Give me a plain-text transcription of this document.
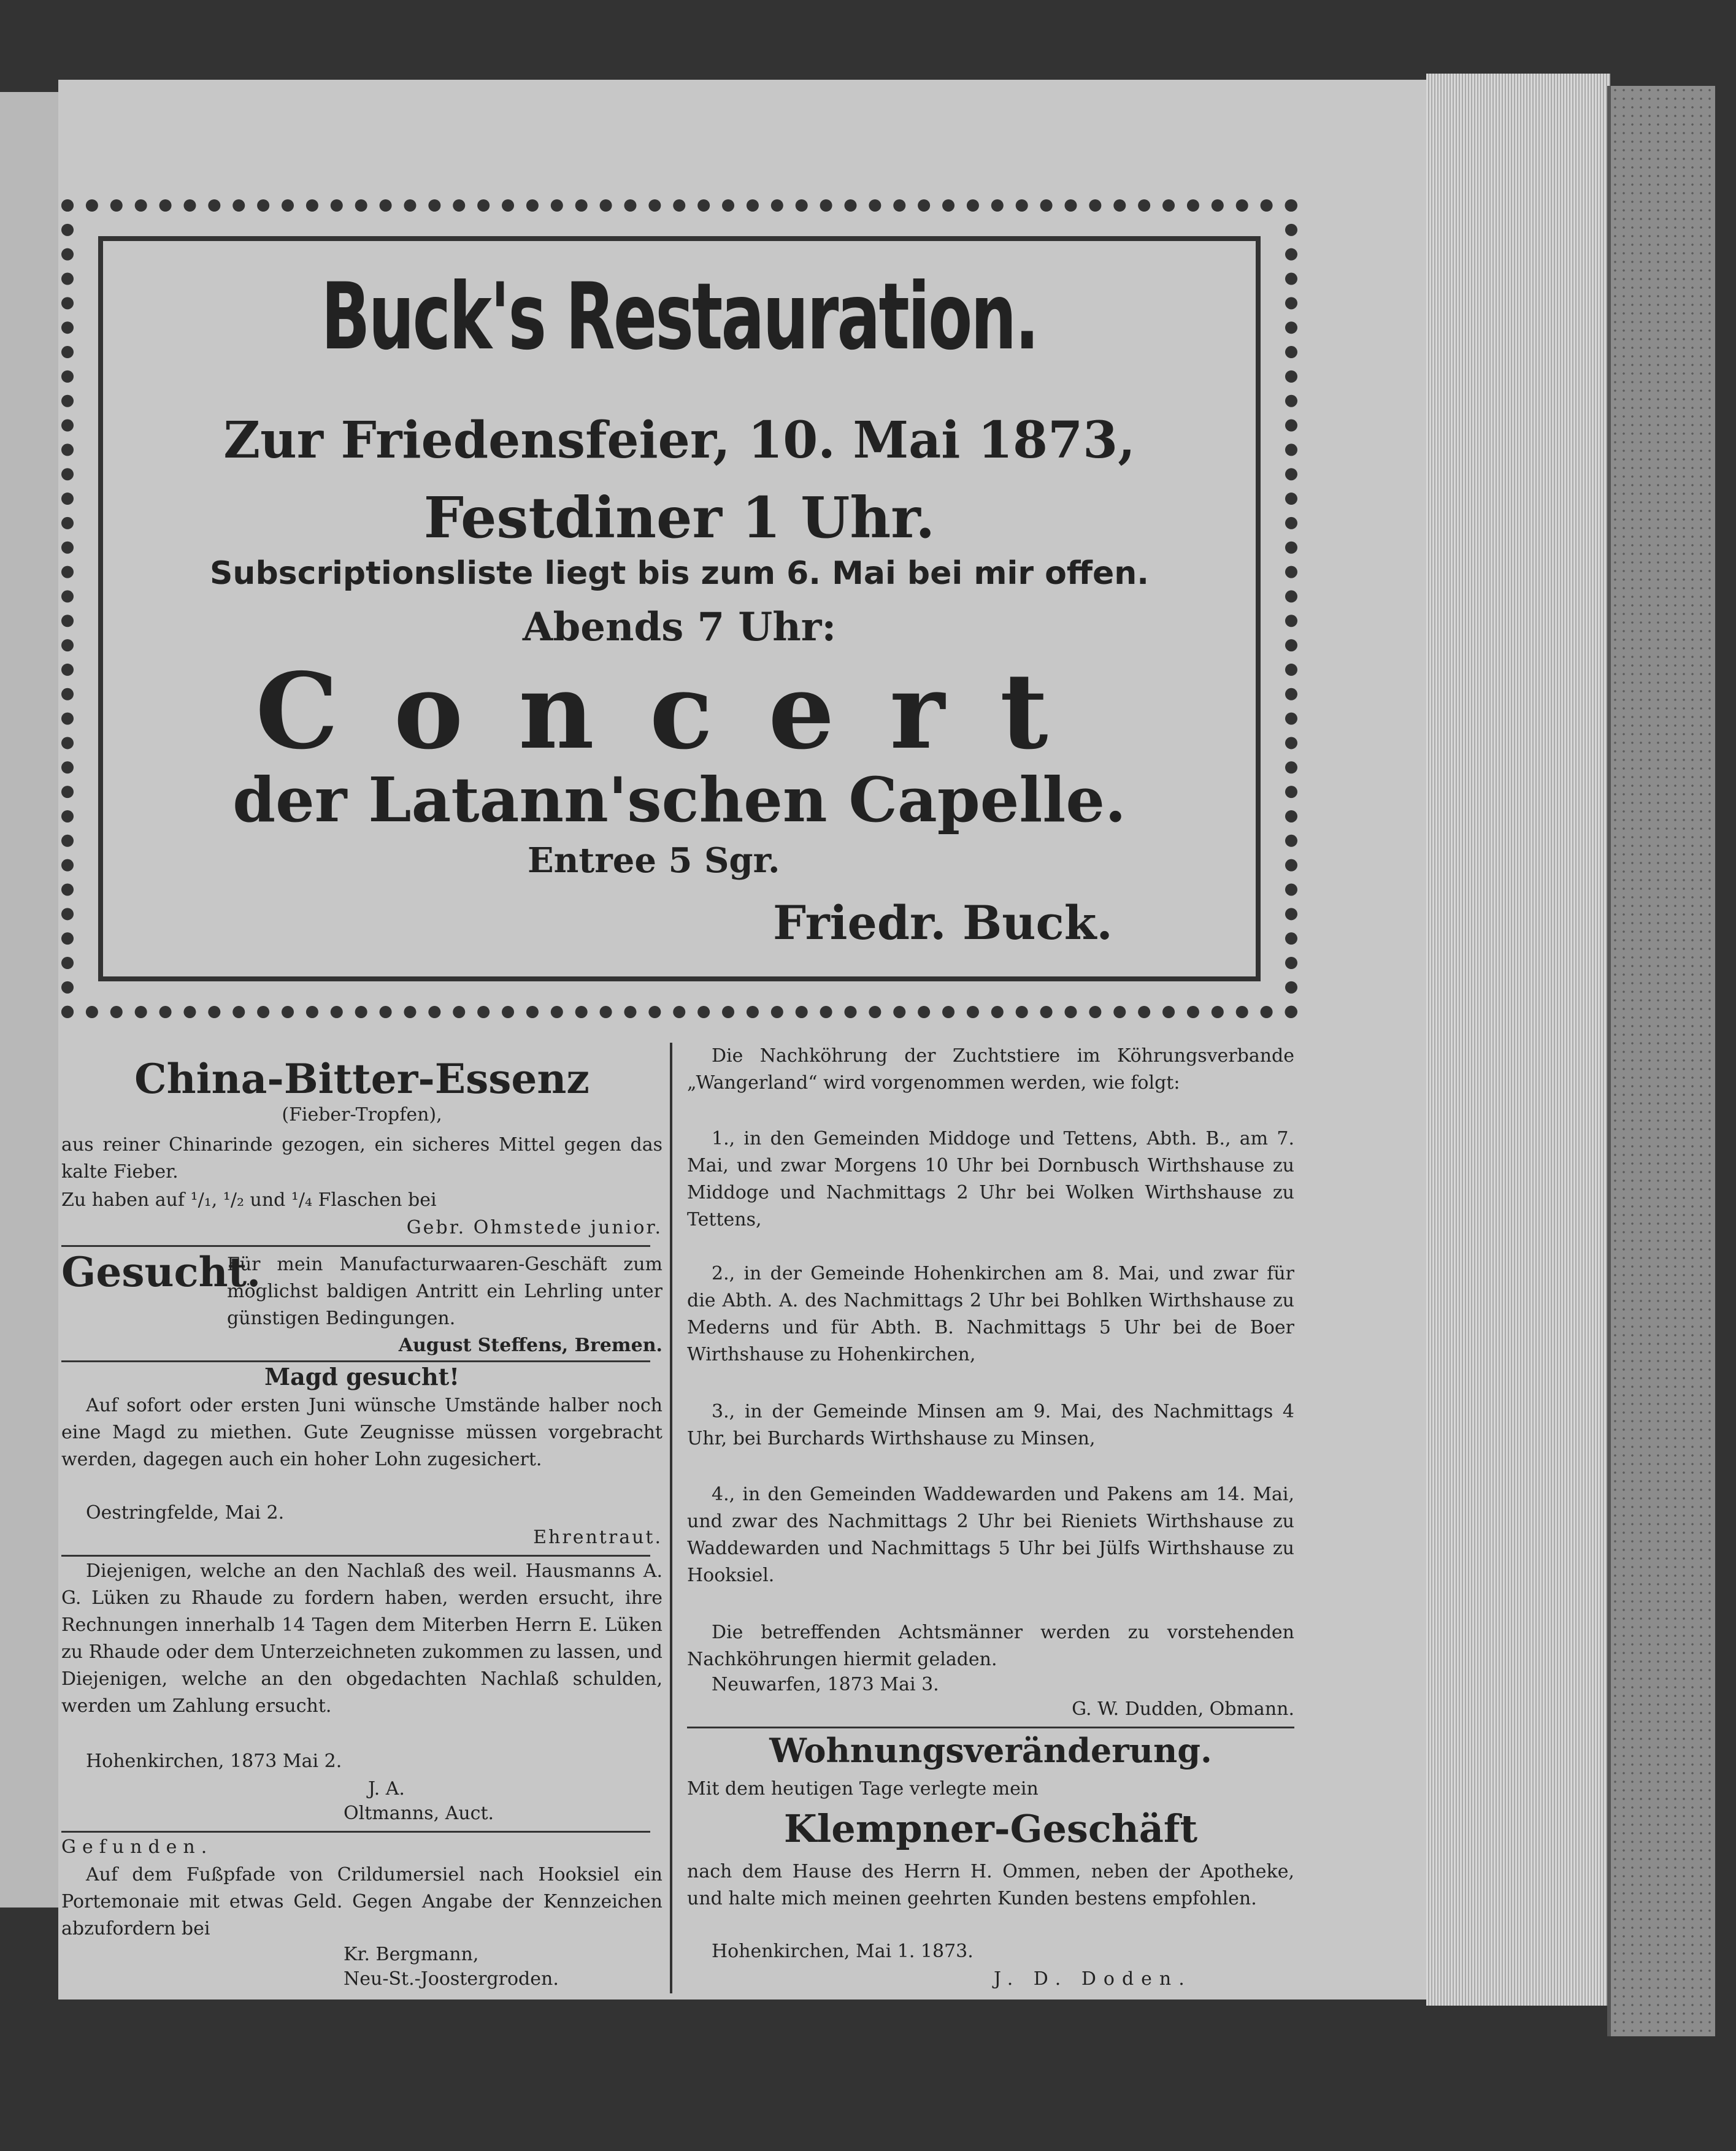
Buck's Restauration.
Zur Friedensfeier, 10. Mai 1873,
Festdiner 1 Uhr.
Subscriptionsliste liegt bis zum 6. Mai bei mir offen.
Abends 7 Uhr:
Concert
der Latann'schen Capelle.
Entree 5 Sgr.
Friedr. Buck.
China-Bitter-Essenz
(Fieber-Tropfen),
aus reiner Chinarinde gezogen, ein sicheres Mittel gegen das kalte Fieber.
Zu haben auf ¹/₁, ¹/₂ und ¹/₄ Flaschen bei
Gebr. Ohmstede junior.
Gesucht.
Für mein Manufacturwaaren-Geschäft zum möglichst baldigen Antritt ein Lehrling unter günstigen Bedingungen.
August Steffens, Bremen.
Magd gesucht!
Auf sofort oder ersten Juni wünsche Umstände halber noch eine Magd zu miethen. Gute Zeugnisse müssen vorgebracht werden, dagegen auch ein hoher Lohn zugesichert.
Oestringfelde, Mai 2.
Ehrentraut.
Diejenigen, welche an den Nachlaß des weil. Hausmanns A. G. Lüken zu Rhaude zu fordern haben, werden ersucht, ihre Rechnungen innerhalb 14 Tagen dem Miterben Herrn E. Lüken zu Rhaude oder dem Unterzeichneten zukommen zu lassen, und Diejenigen, welche an den obgedachten Nachlaß schulden, werden um Zahlung ersucht.
Hohenkirchen, 1873 Mai 2.
J. A.
Oltmanns, Auct.
Gefunden.
Auf dem Fußpfade von Crildumersiel nach Hooksiel ein Portemonaie mit etwas Geld. Gegen Angabe der Kennzeichen abzufordern bei
Kr. Bergmann,
Neu-St.-Joostergroden.
Die Nachköhrung der Zuchtstiere im Köhrungsverbande „Wangerland“ wird vorgenommen werden, wie folgt:
1., in den Gemeinden Middoge und Tettens, Abth. B., am 7. Mai, und zwar Morgens 10 Uhr bei Dornbusch Wirthshause zu Middoge und Nachmittags 2 Uhr bei Wolken Wirthshause zu Tettens,
2., in der Gemeinde Hohenkirchen am 8. Mai, und zwar für die Abth. A. des Nachmittags 2 Uhr bei Bohlken Wirthshause zu Mederns und für Abth. B. Nachmittags 5 Uhr bei de Boer Wirthshause zu Hohenkirchen,
3., in der Gemeinde Minsen am 9. Mai, des Nachmittags 4 Uhr, bei Burchards Wirthshause zu Minsen,
4., in den Gemeinden Waddewarden und Pakens am 14. Mai, und zwar des Nachmittags 2 Uhr bei Rieniets Wirthshause zu Waddewarden und Nachmittags 5 Uhr bei Jülfs Wirthshause zu Hooksiel.
Die betreffenden Achtsmänner werden zu vorstehenden Nachköhrungen hiermit geladen.
Neuwarfen, 1873 Mai 3.
G. W. Dudden, Obmann.
Wohnungsveränderung.
Mit dem heutigen Tage verlegte mein
Klempner-Geschäft
nach dem Hause des Herrn H. Ommen, neben der Apotheke, und halte mich meinen geehrten Kunden bestens empfohlen.
Hohenkirchen, Mai 1. 1873.
J. D. Doden.
